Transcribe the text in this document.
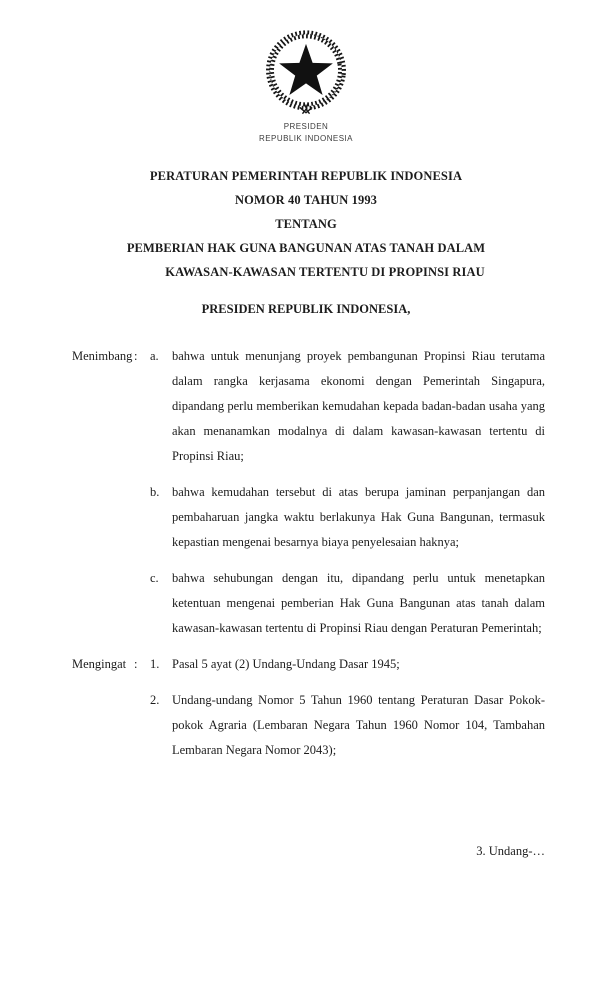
PRESIDEN
REPUBLIK INDONESIA
PERATURAN PEMERINTAH REPUBLIK INDONESIA
NOMOR 40 TAHUN 1993
TENTANG
PEMBERIAN HAK GUNA BANGUNAN ATAS TANAH DALAM
KAWASAN-KAWASAN TERTENTU DI PROPINSI RIAU
PRESIDEN REPUBLIK INDONESIA,
Menimbang :	a.	bahwa untuk menunjang proyek pembangunan Propinsi Riau terutama dalam rangka kerjasama ekonomi dengan Pemerintah Singapura, dipandang perlu memberikan kemudahan kepada badan-badan usaha yang akan menanamkan modalnya di dalam kawasan-kawasan tertentu di Propinsi Riau;
b.	bahwa kemudahan tersebut di atas berupa jaminan perpanjangan dan pembaharuan jangka waktu berlakunya Hak Guna Bangunan, termasuk kepastian mengenai besarnya biaya penyelesaian haknya;
c.	bahwa sehubungan dengan itu, dipandang perlu untuk menetapkan ketentuan mengenai pemberian Hak Guna Bangunan atas tanah dalam kawasan-kawasan tertentu di Propinsi Riau dengan Peraturan Pemerintah;
Mengingat :	1.	Pasal 5 ayat (2) Undang-Undang Dasar 1945;
2.	Undang-undang Nomor 5 Tahun 1960 tentang Peraturan Dasar Pokok-pokok Agraria (Lembaran Negara Tahun 1960 Nomor 104, Tambahan Lembaran Negara Nomor 2043);
3. Undang-…
